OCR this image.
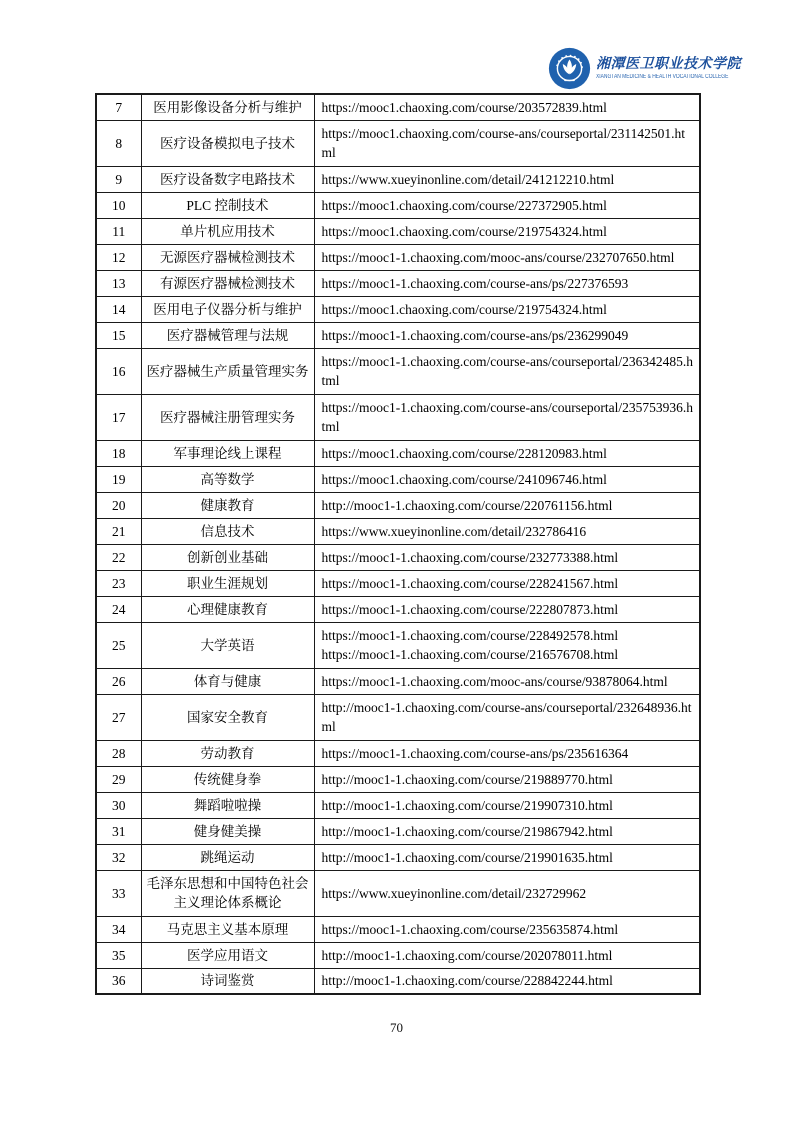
湘潭医卫职业技术学院
XIANGTAN MEDICINE & HEALTH VOCATIONAL COLLEGE
7	医用影像设备分析与维护	https://mooc1.chaoxing.com/course/203572839.html

8	医疗设备模拟电子技术	https://mooc1.chaoxing.com/course-ans/courseportal/231142501.html

9	医疗设备数字电路技术	https://www.xueyinonline.com/detail/241212210.html

10	PLC 控制技术	https://mooc1.chaoxing.com/course/227372905.html

11	单片机应用技术	https://mooc1.chaoxing.com/course/219754324.html

12	无源医疗器械检测技术	https://mooc1-1.chaoxing.com/mooc-ans/course/232707650.html

13	有源医疗器械检测技术	https://mooc1-1.chaoxing.com/course-ans/ps/227376593

14	医用电子仪器分析与维护	https://mooc1.chaoxing.com/course/219754324.html

15	医疗器械管理与法规	https://mooc1-1.chaoxing.com/course-ans/ps/236299049

16	医疗器械生产质量管理实务	https://mooc1-1.chaoxing.com/course-ans/courseportal/236342485.html

17	医疗器械注册管理实务	https://mooc1-1.chaoxing.com/course-ans/courseportal/235753936.html

18	军事理论线上课程	https://mooc1.chaoxing.com/course/228120983.html

19	高等数学	https://mooc1.chaoxing.com/course/241096746.html

20	健康教育	http://mooc1-1.chaoxing.com/course/220761156.html

21	信息技术	https://www.xueyinonline.com/detail/232786416

22	创新创业基础	https://mooc1-1.chaoxing.com/course/232773388.html

23	职业生涯规划	https://mooc1-1.chaoxing.com/course/228241567.html

24	心理健康教育	https://mooc1-1.chaoxing.com/course/222807873.html

25	大学英语	https://mooc1-1.chaoxing.com/course/228492578.html
https://mooc1-1.chaoxing.com/course/216576708.html

26	体育与健康	https://mooc1-1.chaoxing.com/mooc-ans/course/93878064.html

27	国家安全教育	http://mooc1-1.chaoxing.com/course-ans/courseportal/232648936.html

28	劳动教育	https://mooc1-1.chaoxing.com/course-ans/ps/235616364

29	传统健身拳	http://mooc1-1.chaoxing.com/course/219889770.html

30	舞蹈啦啦操	http://mooc1-1.chaoxing.com/course/219907310.html

31	健身健美操	http://mooc1-1.chaoxing.com/course/219867942.html

32	跳绳运动	http://mooc1-1.chaoxing.com/course/219901635.html

33	毛泽东思想和中国特色社会主义理论体系概论	https://www.xueyinonline.com/detail/232729962

34	马克思主义基本原理	https://mooc1-1.chaoxing.com/course/235635874.html

35	医学应用语文	http://mooc1-1.chaoxing.com/course/202078011.html

36	诗词鉴赏	http://mooc1-1.chaoxing.com/course/228842244.html
70
